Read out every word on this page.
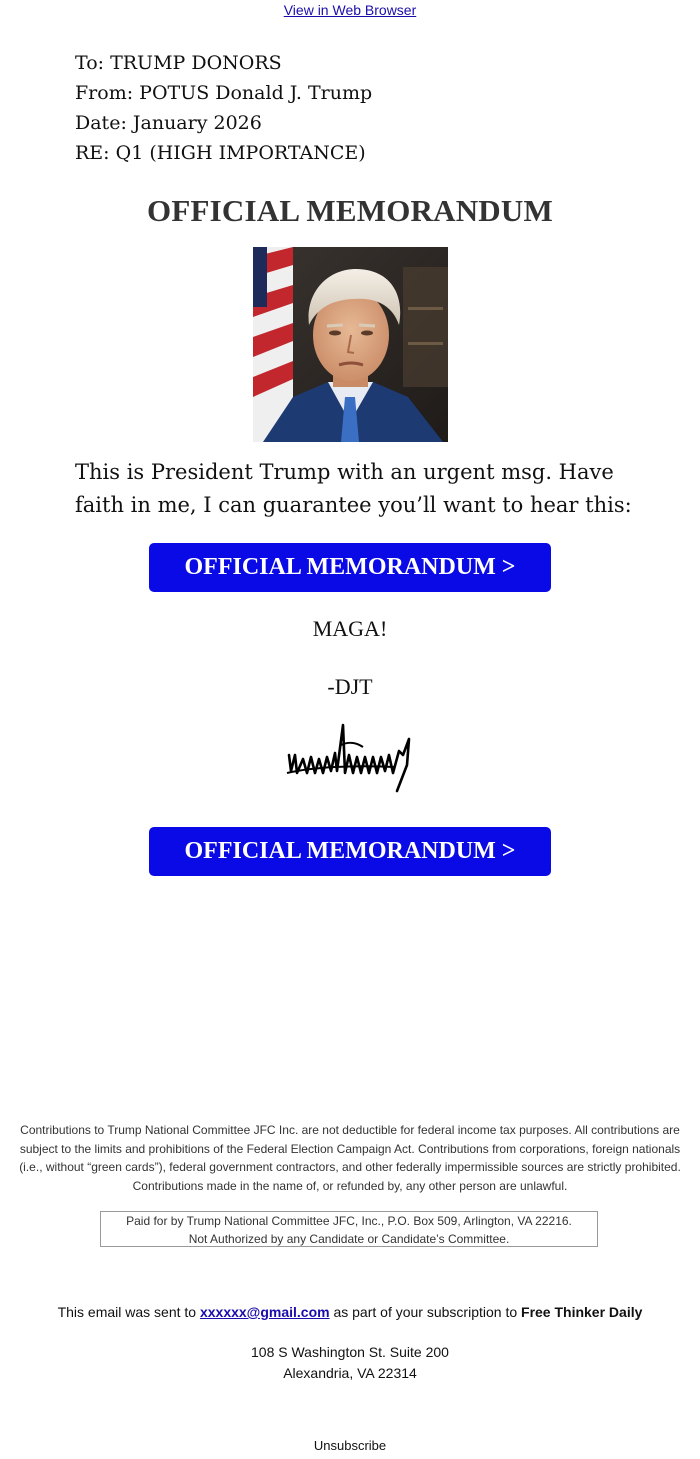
View in Web Browser
To: TRUMP DONORS
From: POTUS Donald J. Trump
Date: January 2026
RE: Q1 (HIGH IMPORTANCE)
OFFICIAL MEMORANDUM
This is President Trump with an urgent msg. Have faith in me, I can guarantee you’ll want to hear this:
OFFICIAL MEMORANDUM >
MAGA!
-DJT
OFFICIAL MEMORANDUM >
Contributions to Trump National Committee JFC Inc. are not deductible for federal income tax purposes. All contributions are subject to the limits and prohibitions of the Federal Election Campaign Act. Contributions from corporations, foreign nationals (i.e., without “green cards”), federal government contractors, and other federally impermissible sources are strictly prohibited. Contributions made in the name of, or refunded by, any other person are unlawful.
Paid for by Trump National Committee JFC, Inc., P.O. Box 509, Arlington, VA 22216.
Not Authorized by any Candidate or Candidate’s Committee.
This email was sent to xxxxxx@gmail.com as part of your subscription to Free Thinker Daily
108 S Washington St. Suite 200
Alexandria, VA 22314
Unsubscribe
